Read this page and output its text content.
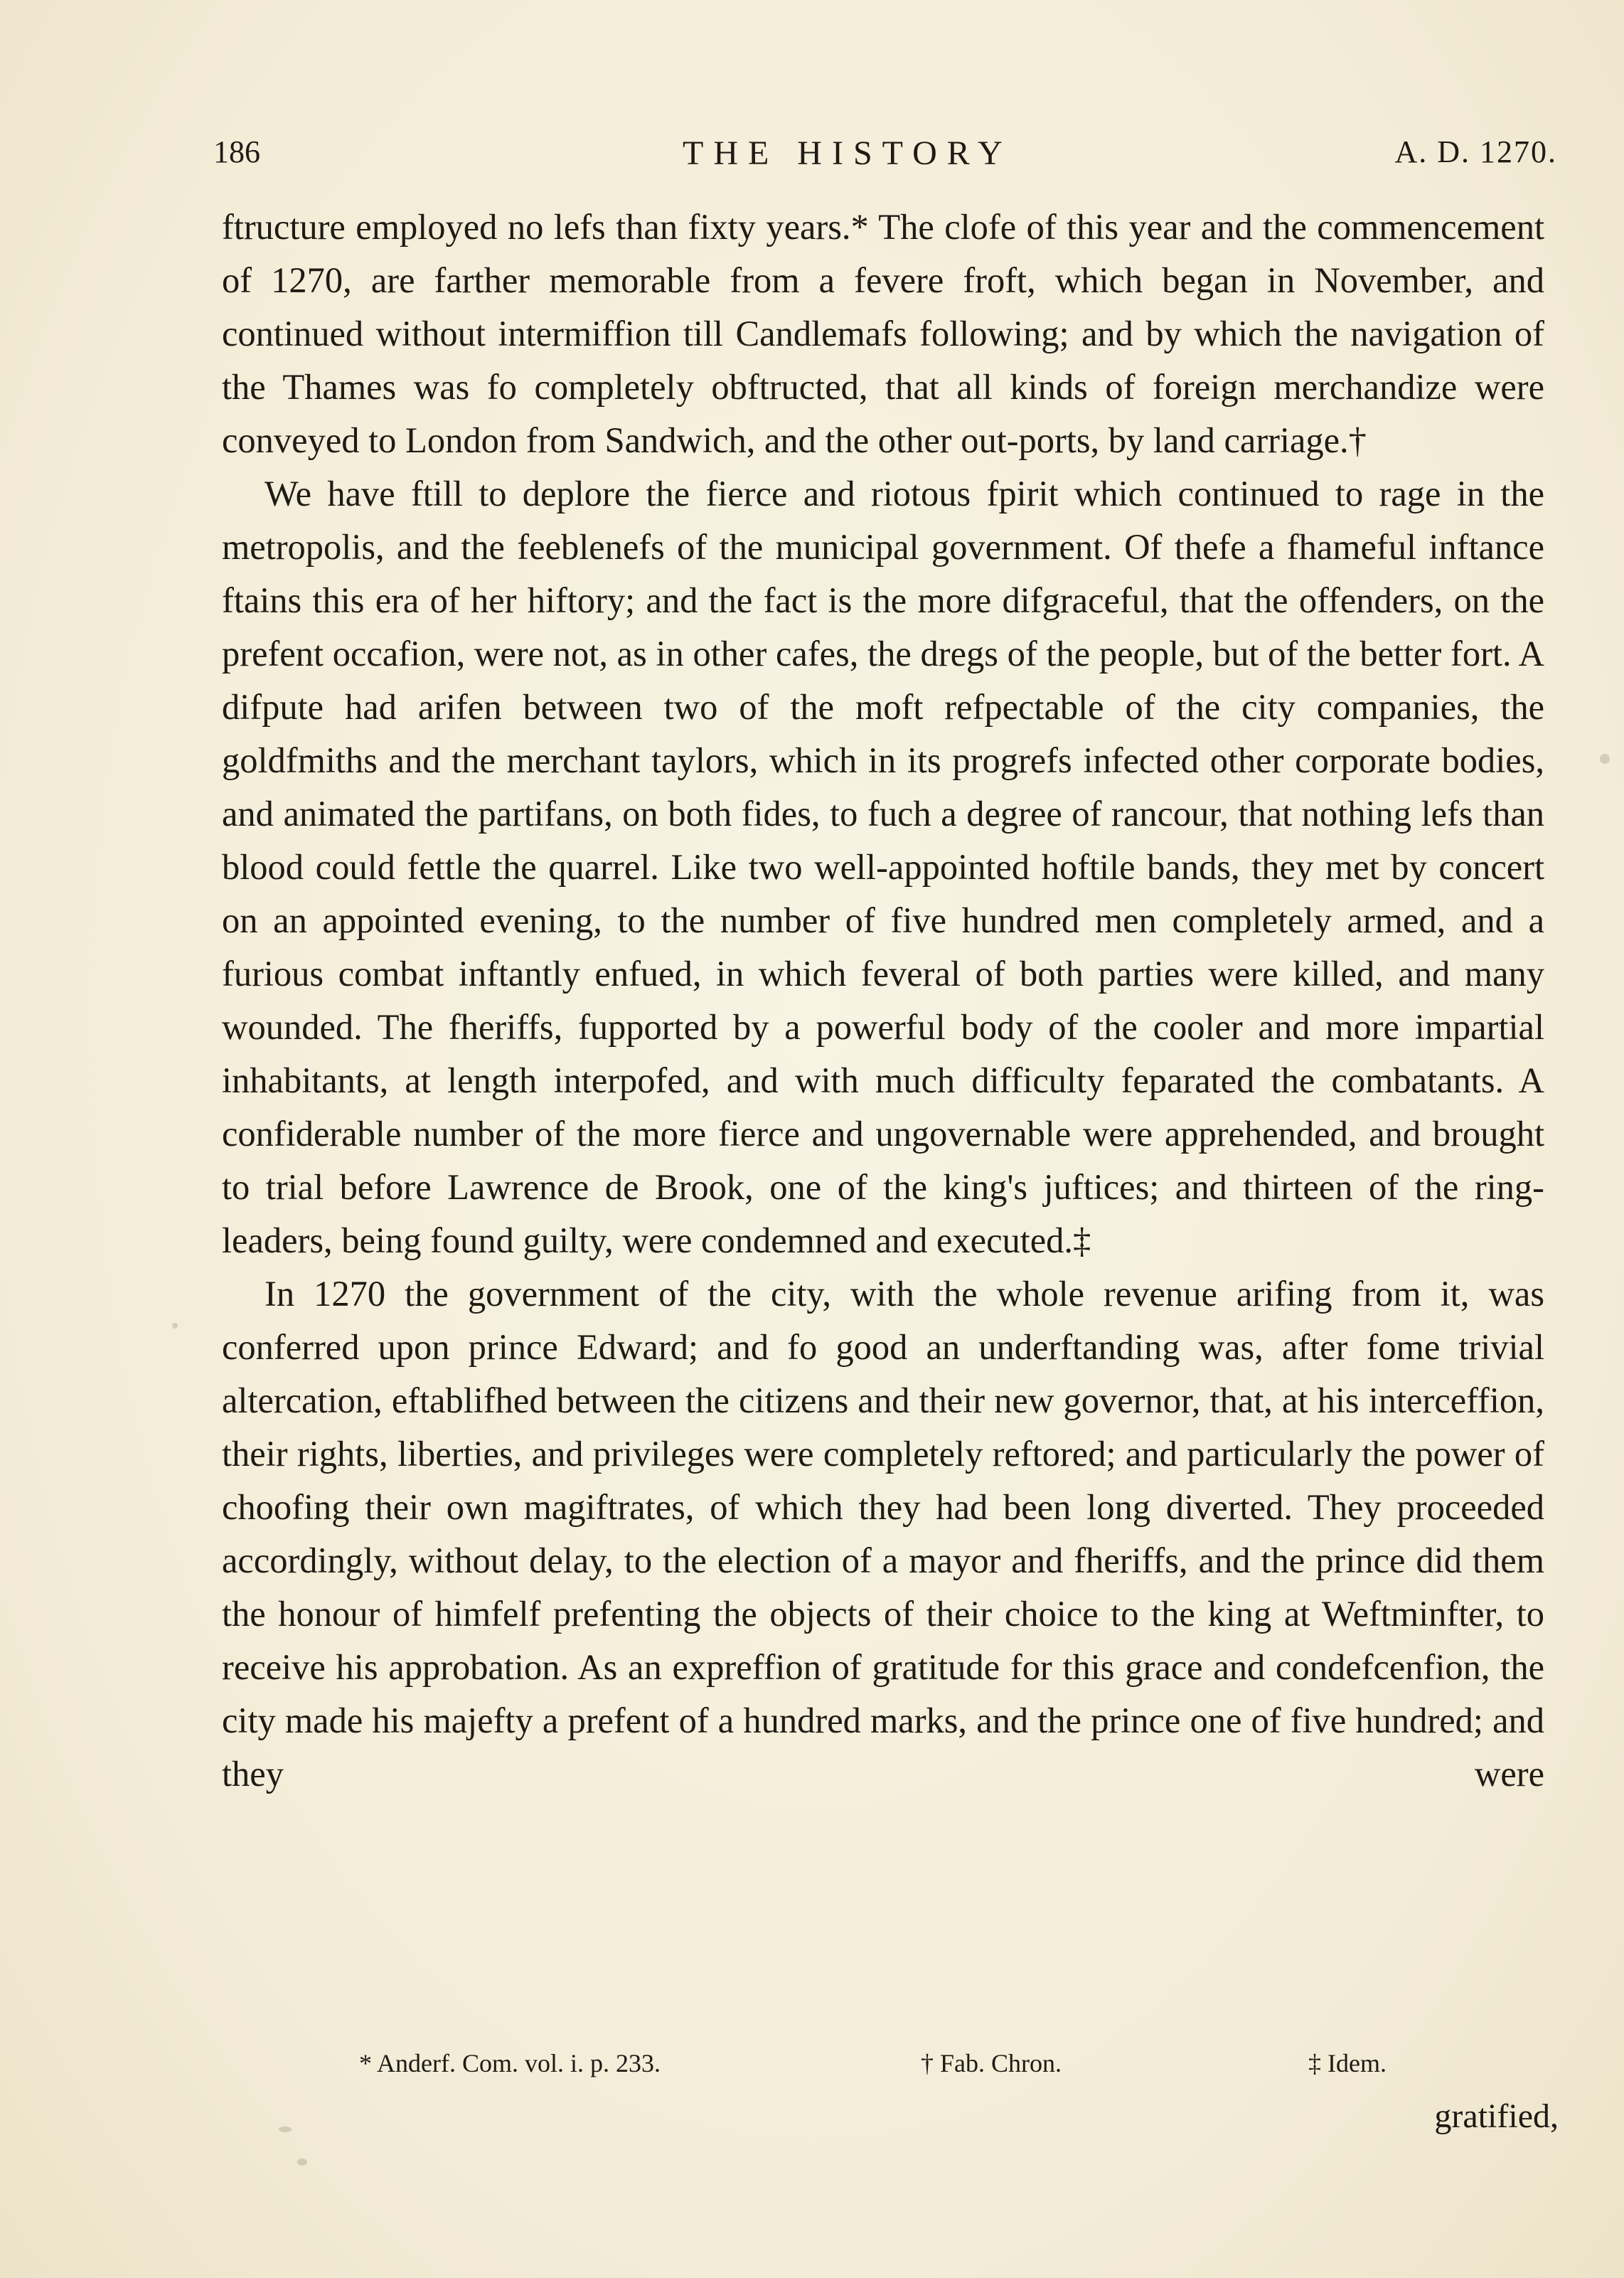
186	THE HISTORY	A. D. 1270.

ftructure employed no lefs than fixty years.* The clofe of this year and the commencement of 1270, are farther memorable from a fevere froft, which began in November, and continued without intermiffion till Candlemafs following; and by which the navigation of the Thames was fo completely obftructed, that all kinds of foreign merchandize were conveyed to London from Sandwich, and the other out-ports, by land carriage.†

We have ftill to deplore the fierce and riotous fpirit which continued to rage in the metropolis, and the feeblenefs of the municipal government. Of thefe a fhameful inftance ftains this era of her hiftory; and the fact is the more difgraceful, that the offenders, on the prefent occafion, were not, as in other cafes, the dregs of the people, but of the better fort. A difpute had arifen between two of the moft refpectable of the city companies, the goldfmiths and the merchant taylors, which in its progrefs infected other corporate bodies, and animated the partifans, on both fides, to fuch a degree of rancour, that nothing lefs than blood could fettle the quarrel. Like two well-appointed hoftile bands, they met by concert on an appointed evening, to the number of five hundred men completely armed, and a furious combat inftantly enfued, in which feveral of both parties were killed, and many wounded. The fheriffs, fupported by a powerful body of the cooler and more impartial inhabitants, at length interpofed, and with much difficulty feparated the combatants. A confiderable number of the more fierce and ungovernable were apprehended, and brought to trial before Lawrence de Brook, one of the king's juftices; and thirteen of the ring-leaders, being found guilty, were condemned and executed.‡

In 1270 the government of the city, with the whole revenue arifing from it, was conferred upon prince Edward; and fo good an underftanding was, after fome trivial altercation, eftablifhed between the citizens and their new governor, that, at his interceffion, their rights, liberties, and privileges were completely reftored; and particularly the power of choofing their own magiftrates, of which they had been long diverted. They proceeded accordingly, without delay, to the election of a mayor and fheriffs, and the prince did them the honour of himfelf prefenting the objects of their choice to the king at Weftminfter, to receive his approbation. As an expreffion of gratitude for this grace and condefcenfion, the city made his majefty a prefent of a hundred marks, and the prince one of five hundred; and they were

* Anderf. Com. vol. i. p. 233.	† Fab. Chron.	‡ Idem.
gratified,
